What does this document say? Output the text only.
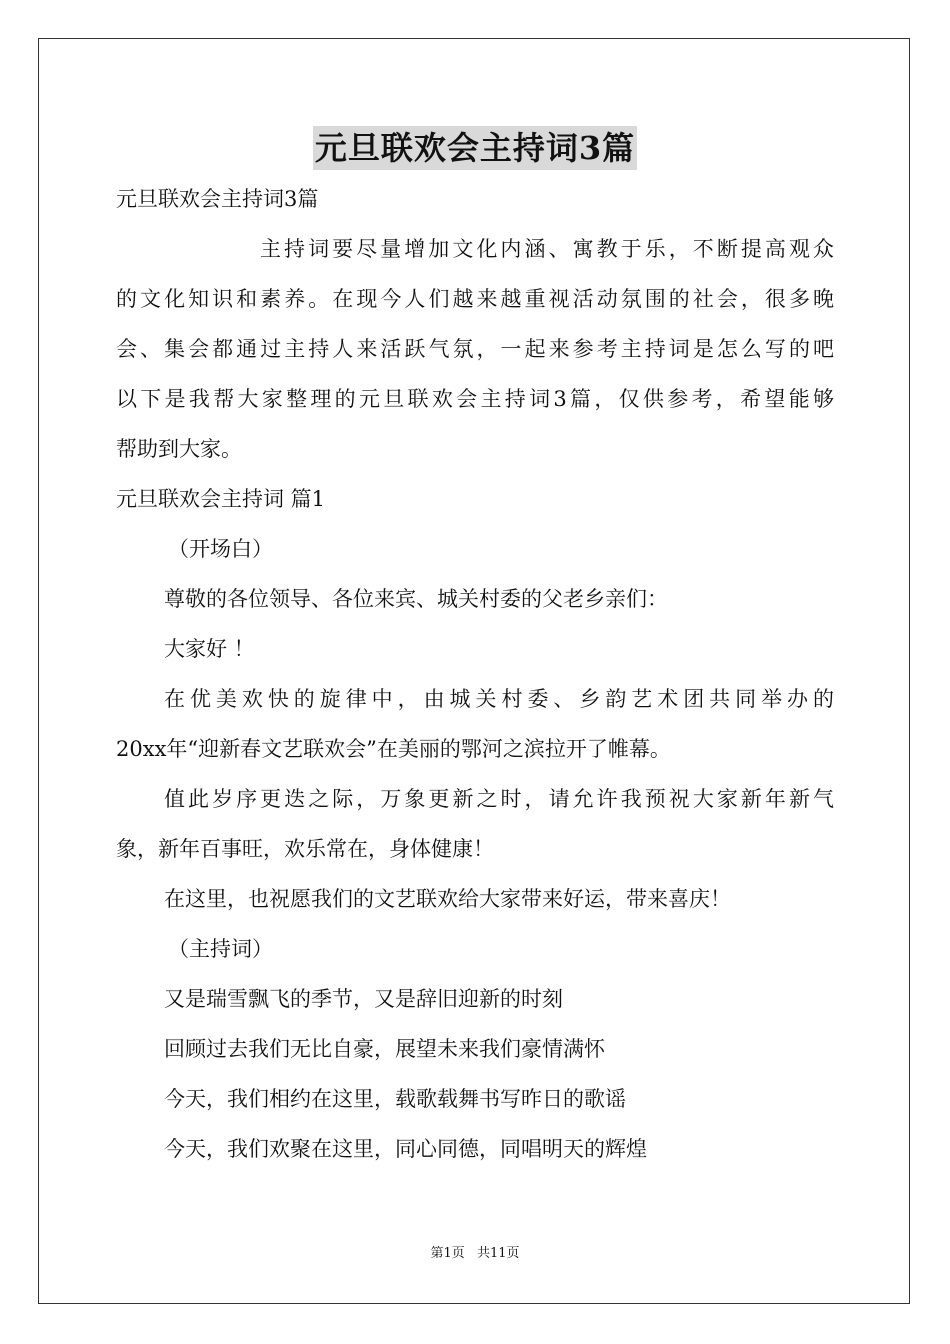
元旦联欢会主持词3篇
元旦联欢会主持词3篇
主持词要尽量增加文化内涵、寓教于乐，不断提高观众
的文化知识和素养。在现今人们越来越重视活动氛围的社会，很多晚
会、集会都通过主持人来活跃气氛，一起来参考主持词是怎么写的吧
以下是我帮大家整理的元旦联欢会主持词3篇，仅供参考，希望能够
帮助到大家。
元旦联欢会主持词 篇1
（开场白）
尊敬的各位领导、各位来宾、城关村委的父老乡亲们：
大家好 ！
在优美欢快的旋律中，由城关村委、乡韵艺术团共同举办的
20xx年“迎新春文艺联欢会”在美丽的鄂河之滨拉开了帷幕。
值此岁序更迭之际，万象更新之时，请允许我预祝大家新年新气
象，新年百事旺，欢乐常在，身体健康！
在这里，也祝愿我们的文艺联欢给大家带来好运，带来喜庆！
（主持词）
又是瑞雪飘飞的季节，又是辞旧迎新的时刻
回顾过去我们无比自豪，展望未来我们豪情满怀
今天，我们相约在这里，载歌载舞书写昨日的歌谣
今天，我们欢聚在这里，同心同德，同唱明天的辉煌
第1页 共11页
